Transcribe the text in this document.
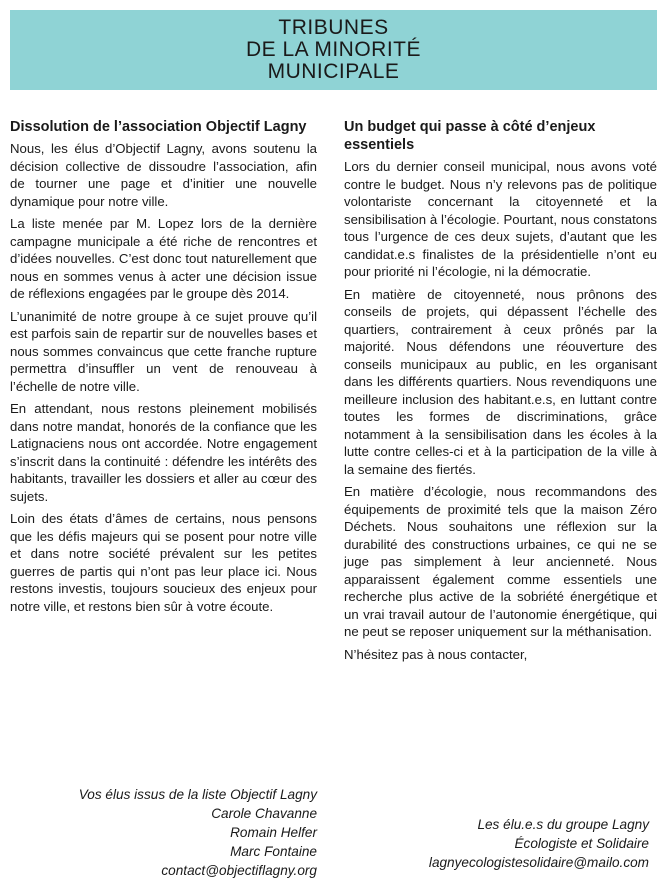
TRIBUNES
DE LA MINORITÉ
MUNICIPALE
Dissolution de l’association Objectif Lagny

Nous, les élus d’Objectif Lagny, avons soutenu la décision collective de dissoudre l’association, afin de tourner une page et d’initier une nouvelle dynamique pour notre ville.

La liste menée par M. Lopez lors de la dernière campagne municipale a été riche de rencontres et d’idées nouvelles. C’est donc tout naturellement que nous en sommes venus à acter une décision issue de réflexions engagées par le groupe dès 2014.

L’unanimité de notre groupe à ce sujet prouve qu’il est parfois sain de repartir sur de nouvelles bases et nous sommes convaincus que cette franche rupture permettra d’insuffler un vent de renouveau à l’échelle de notre ville.

En attendant, nous restons pleinement mobilisés dans notre mandat, honorés de la confiance que les Latignaciens nous ont accordée. Notre engagement s’inscrit dans la continuité : défendre les intérêts des habitants, travailler les dossiers et aller au cœur des sujets.

Loin des états d’âmes de certains, nous pensons que les défis majeurs qui se posent pour notre ville et dans notre société prévalent sur les petites guerres de partis qui n’ont pas leur place ici. Nous restons investis, toujours soucieux des enjeux pour notre ville, et restons bien sûr à votre écoute.

Vos élus issus de la liste Objectif Lagny
Carole Chavanne
Romain Helfer
Marc Fontaine
contact@objectiflagny.org
Un budget qui passe à côté d’enjeux essentiels

Lors du dernier conseil municipal, nous avons voté contre le budget. Nous n’y relevons pas de politique volontariste concernant la citoyenneté et la sensibilisation à l’écologie. Pourtant, nous constatons tous l’urgence de ces deux sujets, d’autant que les candidat.e.s finalistes de la présidentielle n’ont eu pour priorité ni l’écologie, ni la démocratie.

En matière de citoyenneté, nous prônons des conseils de projets, qui dépassent l’échelle des quartiers, contrairement à ceux prônés par la majorité. Nous défendons une réouverture des conseils municipaux au public, en les organisant dans les différents quartiers. Nous revendiquons une meilleure inclusion des habitant.e.s, en luttant contre toutes les formes de discriminations, grâce notamment à la sensibilisation dans les écoles à la lutte contre celles-ci et à la participation de la ville à la semaine des fiertés.

En matière d’écologie, nous recommandons des équipements de proximité tels que la maison Zéro Déchets. Nous souhaitons une réflexion sur la durabilité des constructions urbaines, ce qui ne se juge pas simplement à leur ancienneté. Nous apparaissent également comme essentiels une recherche plus active de la sobriété énergétique et un vrai travail autour de l’autonomie énergétique, qui ne peut se reposer uniquement sur la méthanisation.

N’hésitez pas à nous contacter,

Les élu.e.s du groupe Lagny
Écologiste et Solidaire
lagnyecologistesolidaire@mailo.com
